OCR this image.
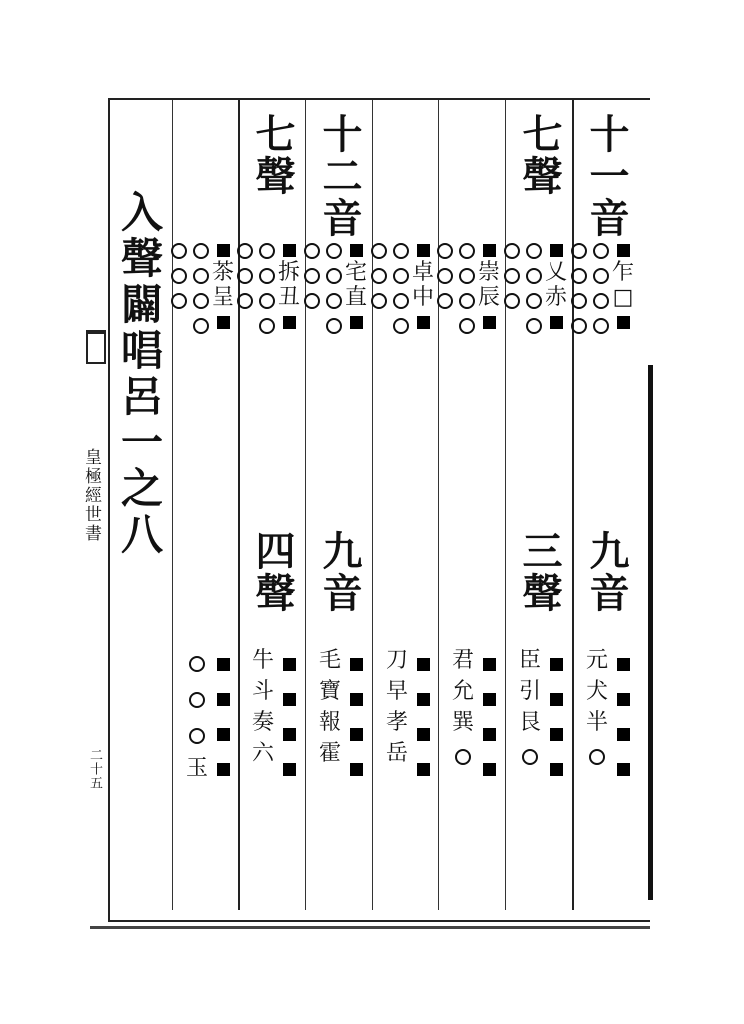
皇極經世書
二十五
入聲闢唱呂一之八
十一音
乍
□
九音
元
犬
半
七聲
乂
赤
三聲
臣
引
艮
崇
辰
君
允
巽
卓
中
刀
早
孝
岳
十二音
宅
直
九音
毛
寶
報
霍
七聲
拆
丑
四聲
牛
斗
奏
六
茶
呈
玉
